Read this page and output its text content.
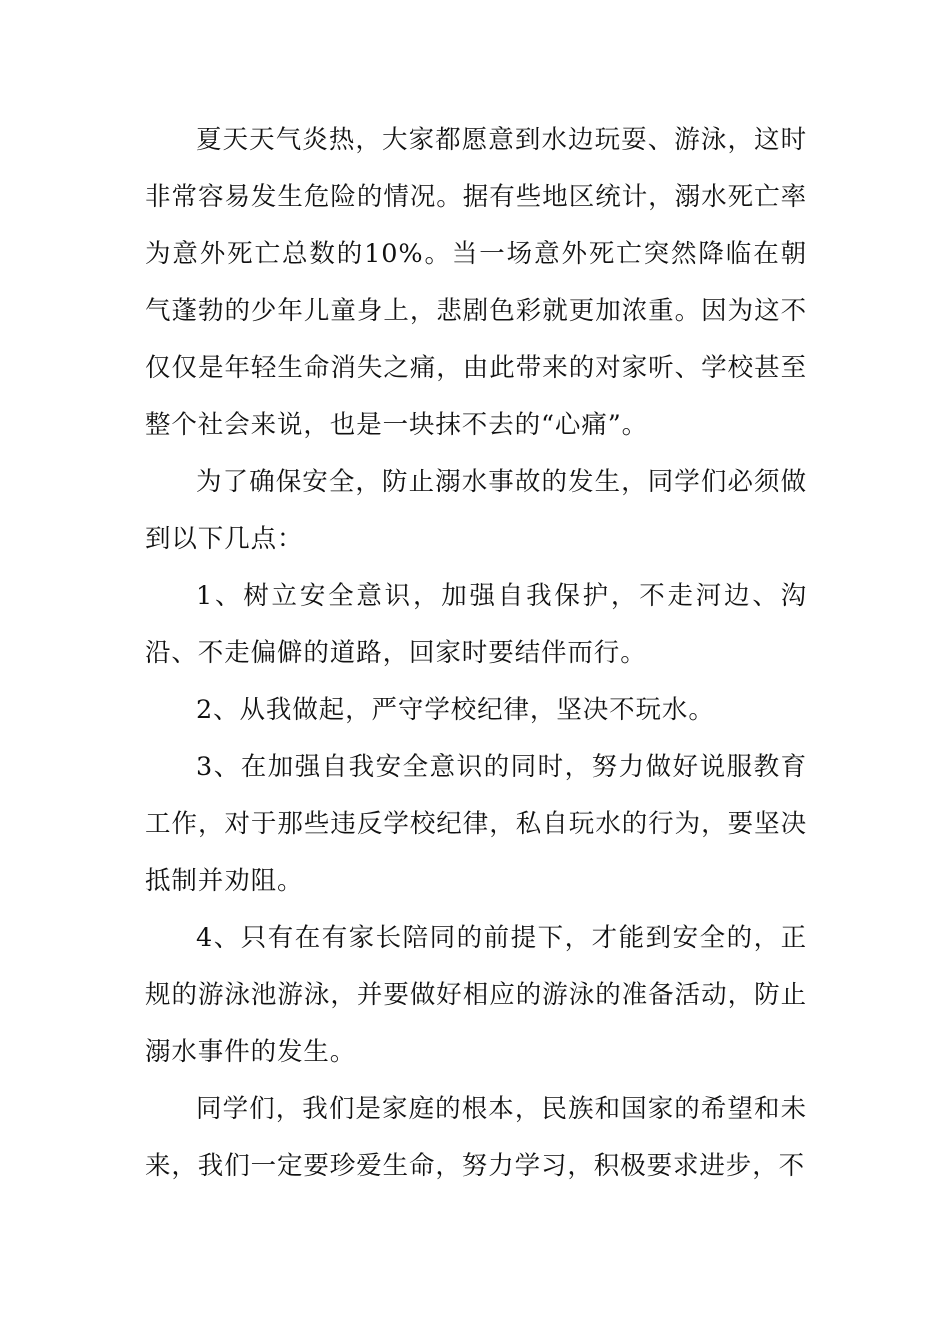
夏天天气炎热，大家都愿意到水边玩耍、游泳，这时非常容易发生危险的情况。据有些地区统计，溺水死亡率为意外死亡总数的10%。当一场意外死亡突然降临在朝气蓬勃的少年儿童身上，悲剧色彩就更加浓重。因为这不仅仅是年轻生命消失之痛，由此带来的对家听、学校甚至整个社会来说，也是一块抹不去的“心痛”。

为了确保安全，防止溺水事故的发生，同学们必须做到以下几点：

1、树立安全意识，加强自我保护，不走河边、沟沿、不走偏僻的道路，回家时要结伴而行。

2、从我做起，严守学校纪律，坚决不玩水。

3、在加强自我安全意识的同时，努力做好说服教育工作，对于那些违反学校纪律，私自玩水的行为，要坚决抵制并劝阻。

4、只有在有家长陪同的前提下，才能到安全的，正规的游泳池游泳，并要做好相应的游泳的准备活动，防止溺水事件的发生。

同学们，我们是家庭的根本，民族和国家的希望和未来，我们一定要珍爱生命，努力学习，积极要求进步，不
